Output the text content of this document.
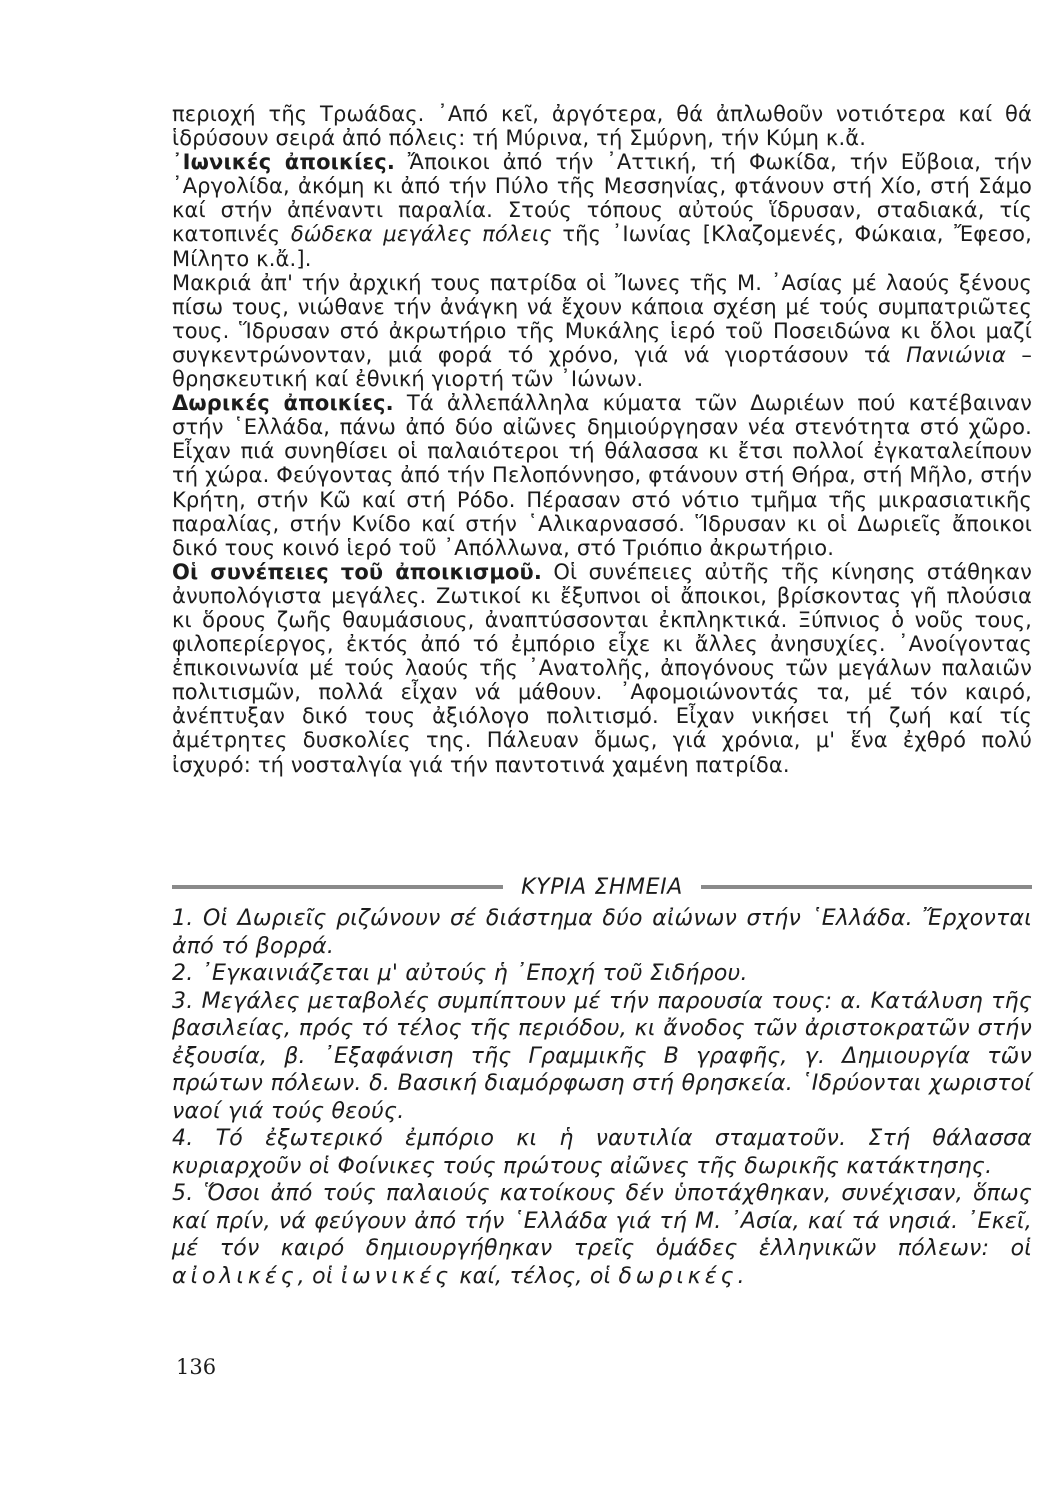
περιοχή τῆς Τρωάδας. ᾿Από κεῖ, ἀργότερα, θά ἀπλωθοῦν νοτιότερα καί θά ἱδρύσουν σειρά ἀπό πόλεις: τή Μύρινα, τή Σμύρνη, τήν Κύμη κ.ἄ.

᾿Ιωνικές ἀποικίες. Ἄποικοι ἀπό τήν ᾿Αττική, τή Φωκίδα, τήν Εὔβοια, τήν ᾿Αργολίδα, ἀκόμη κι ἀπό τήν Πύλο τῆς Μεσσηνίας, φτάνουν στή Χίο, στή Σάμο καί στήν ἀπέναντι παραλία. Στούς τόπους αὐτούς ἵδρυσαν, σταδιακά, τίς κατοπινές δώδεκα μεγάλες πόλεις τῆς ᾿Ιωνίας [Κλαζομενές, Φώκαια, Ἔφεσο, Μίλητο κ.ἄ.].

Μακριά ἀπ' τήν ἀρχική τους πατρίδα οἱ Ἴωνες τῆς Μ. ᾿Ασίας μέ λαούς ξένους πίσω τους, νιώθανε τήν ἀνάγκη νά ἔχουν κάποια σχέση μέ τούς συμπατριῶτες τους. Ἵδρυσαν στό ἀκρωτήριο τῆς Μυκάλης ἱερό τοῦ Ποσειδώνα κι ὅλοι μαζί συγκεντρώνονταν, μιά φορά τό χρόνο, γιά νά γιορτάσουν τά Πανιώνια – θρησκευτική καί ἐθνική γιορτή τῶν ᾿Ιώνων.

Δωρικές ἀποικίες. Τά ἀλλεπάλληλα κύματα τῶν Δωριέων πού κατέβαιναν στήν ῾Ελλάδα, πάνω ἀπό δύο αἰῶνες δημιούργησαν νέα στενότητα στό χῶρο. Εἶχαν πιά συνηθίσει οἱ παλαιότεροι τή θάλασσα κι ἔτσι πολλοί ἐγκαταλείπουν τή χώρα. Φεύγοντας ἀπό τήν Πελοπόννησο, φτάνουν στή Θήρα, στή Μῆλο, στήν Κρήτη, στήν Κῶ καί στή Ρόδο. Πέρασαν στό νότιο τμῆμα τῆς μικρασιατικῆς παραλίας, στήν Κνίδο καί στήν ῾Αλικαρνασσό. Ἵδρυσαν κι οἱ Δωριεῖς ἄποικοι δικό τους κοινό ἱερό τοῦ ᾿Απόλλωνα, στό Τριόπιο ἀκρωτήριο.

Οἱ συνέπειες τοῦ ἀποικισμοῦ. Οἱ συνέπειες αὐτῆς τῆς κίνησης στάθηκαν ἀνυπολόγιστα μεγάλες. Ζωτικοί κι ἔξυπνοι οἱ ἄποικοι, βρίσκοντας γῆ πλούσια κι ὅρους ζωῆς θαυμάσιους, ἀναπτύσσονται ἐκπληκτικά. Ξύπνιος ὁ νοῦς τους, φιλοπερίεργος, ἐκτός ἀπό τό ἐμπόριο εἶχε κι ἄλλες ἀνησυχίες. ᾿Ανοίγοντας ἐπικοινωνία μέ τούς λαούς τῆς ᾿Ανατολῆς, ἀπογόνους τῶν μεγάλων παλαιῶν πολιτισμῶν, πολλά εἶχαν νά μάθουν. ᾿Αφομοιώνοντάς τα, μέ τόν καιρό, ἀνέπτυξαν δικό τους ἀξιόλογο πολιτισμό. Εἶχαν νικήσει τή ζωή καί τίς ἀμέτρητες δυσκολίες της. Πάλευαν ὅμως, γιά χρόνια, μ' ἕνα ἐχθρό πολύ ἰσχυρό: τή νοσταλγία γιά τήν παντοτινά χαμένη πατρίδα.

ΚΥΡΙΑ ΣΗΜΕΙΑ

1. Οἱ Δωριεῖς ριζώνουν σέ διάστημα δύο αἰώνων στήν ῾Ελλάδα. Ἔρχονται ἀπό τό βορρά.

2. ᾿Εγκαινιάζεται μ' αὐτούς ἡ ᾿Εποχή τοῦ Σιδήρου.

3. Μεγάλες μεταβολές συμπίπτουν μέ τήν παρουσία τους: α. Κατάλυση τῆς βασιλείας, πρός τό τέλος τῆς περιόδου, κι ἄνοδος τῶν ἀριστοκρατῶν στήν ἐξουσία, β. ᾿Εξαφάνιση τῆς Γραμμικῆς Β γραφῆς, γ. Δημιουργία τῶν πρώτων πόλεων. δ. Βασική διαμόρφωση στή θρησκεία. ῾Ιδρύονται χωριστοί ναοί γιά τούς θεούς.

4. Τό ἐξωτερικό ἐμπόριο κι ἡ ναυτιλία σταματοῦν. Στή θάλασσα κυριαρχοῦν οἱ Φοίνικες τούς πρώτους αἰῶνες τῆς δωρικῆς κατάκτησης.

5. Ὅσοι ἀπό τούς παλαιούς κατοίκους δέν ὑποτάχθηκαν, συνέχισαν, ὅπως καί πρίν, νά φεύγουν ἀπό τήν ῾Ελλάδα γιά τή Μ. ᾿Ασία, καί τά νησιά. ᾿Εκεῖ, μέ τόν καιρό δημιουργήθηκαν τρεῖς ὁμάδες ἑλληνικῶν πόλεων: οἱ αἰολικές, οἱ ἰωνικές καί, τέλος, οἱ δωρικές.

136
